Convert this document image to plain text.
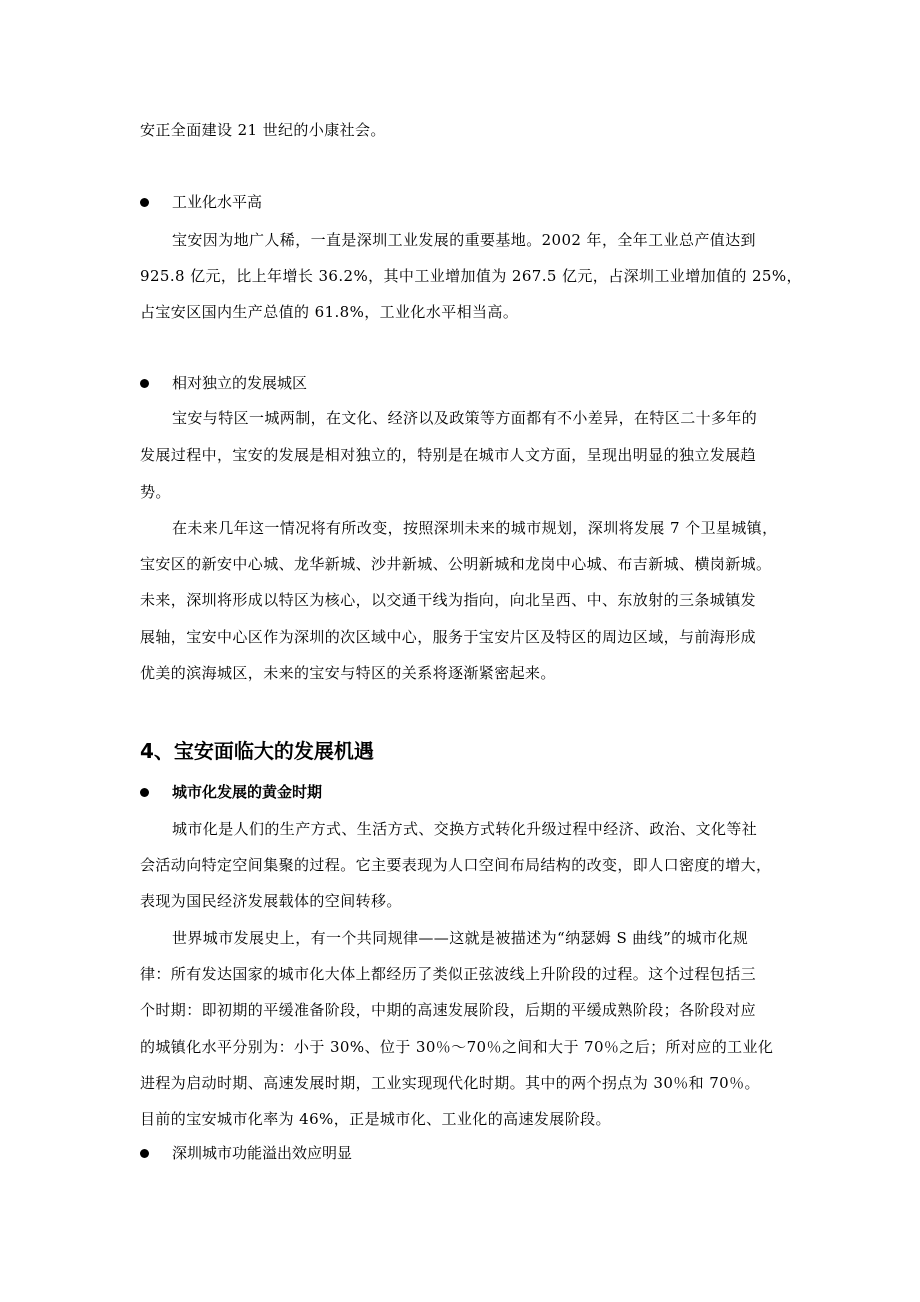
安正全面建设 21 世纪的小康社会。
工业化水平高
宝安因为地广人稀，一直是深圳工业发展的重要基地。2002 年，全年工业总产值达到
925.8 亿元，比上年增长 36.2%，其中工业增加值为 267.5 亿元，占深圳工业增加值的 25%，
占宝安区国内生产总值的 61.8%，工业化水平相当高。
相对独立的发展城区
宝安与特区一城两制，在文化、经济以及政策等方面都有不小差异，在特区二十多年的
发展过程中，宝安的发展是相对独立的，特别是在城市人文方面，呈现出明显的独立发展趋
势。
在未来几年这一情况将有所改变，按照深圳未来的城市规划，深圳将发展 7 个卫星城镇，
宝安区的新安中心城、龙华新城、沙井新城、公明新城和龙岗中心城、布吉新城、横岗新城。
未来，深圳将形成以特区为核心，以交通干线为指向，向北呈西、中、东放射的三条城镇发
展轴，宝安中心区作为深圳的次区域中心，服务于宝安片区及特区的周边区域，与前海形成
优美的滨海城区，未来的宝安与特区的关系将逐渐紧密起来。
4、宝安面临大的发展机遇
城市化发展的黄金时期
城市化是人们的生产方式、生活方式、交换方式转化升级过程中经济、政治、文化等社
会活动向特定空间集聚的过程。它主要表现为人口空间布局结构的改变，即人口密度的增大，
表现为国民经济发展载体的空间转移。
世界城市发展史上，有一个共同规律——这就是被描述为“纳瑟姆 S 曲线”的城市化规
律：所有发达国家的城市化大体上都经历了类似正弦波线上升阶段的过程。这个过程包括三
个时期：即初期的平缓准备阶段，中期的高速发展阶段，后期的平缓成熟阶段；各阶段对应
的城镇化水平分别为：小于 30%、位于 30％～70％之间和大于 70％之后；所对应的工业化
进程为启动时期、高速发展时期，工业实现现代化时期。其中的两个拐点为 30％和 70％。
目前的宝安城市化率为 46%，正是城市化、工业化的高速发展阶段。
深圳城市功能溢出效应明显
